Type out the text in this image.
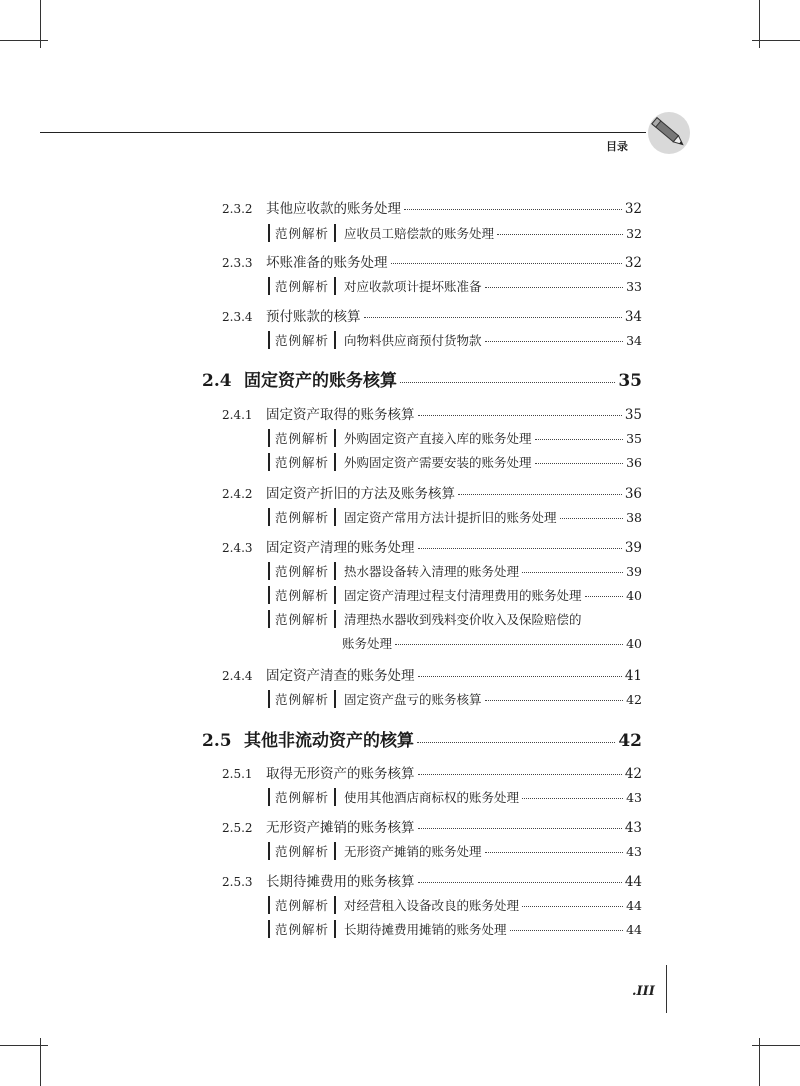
目录
2.3.2 其他应收款的账务处理	32
范例解析	应收员工赔偿款的账务处理	32
2.3.3 坏账准备的账务处理	32
范例解析	对应收款项计提坏账准备	33
2.3.4 预付账款的核算	34
范例解析	向物料供应商预付货物款	34
2.4 固定资产的账务核算	35
2.4.1 固定资产取得的账务核算	35
范例解析	外购固定资产直接入库的账务处理	35
范例解析	外购固定资产需要安装的账务处理	36
2.4.2 固定资产折旧的方法及账务核算	36
范例解析	固定资产常用方法计提折旧的账务处理	38
2.4.3 固定资产清理的账务处理	39
范例解析	热水器设备转入清理的账务处理	39
范例解析	固定资产清理过程支付清理费用的账务处理	40
范例解析	清理热水器收到残料变价收入及保险赔偿的
账务处理	40
2.4.4 固定资产清查的账务处理	41
范例解析	固定资产盘亏的账务核算	42
2.5 其他非流动资产的核算	42
2.5.1 取得无形资产的账务核算	42
范例解析	使用其他酒店商标权的账务处理	43
2.5.2 无形资产摊销的账务核算	43
范例解析	无形资产摊销的账务处理	43
2.5.3 长期待摊费用的账务核算	44
范例解析	对经营租入设备改良的账务处理	44
范例解析	长期待摊费用摊销的账务处理	44
.III
